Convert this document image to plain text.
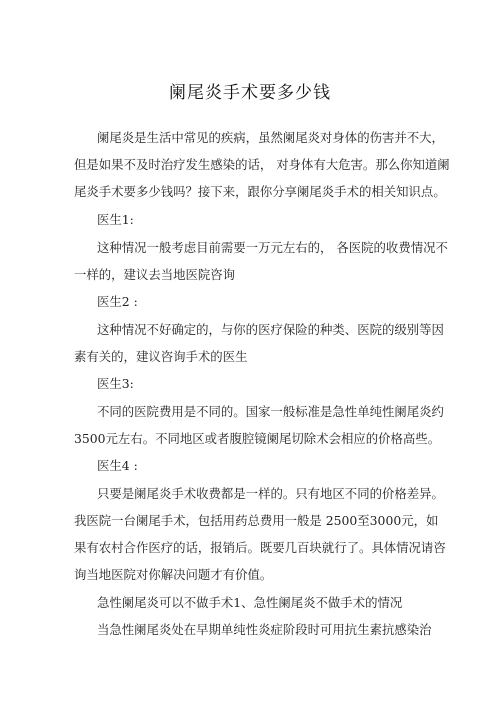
阑尾炎手术要多少钱
阑尾炎是生活中常见的疾病，虽然阑尾炎对身体的伤害并不大，
但是如果不及时治疗发生感染的话， 对身体有大危害。那么你知道阑
尾炎手术要多少钱吗？接下来，跟你分享阑尾炎手术的相关知识点。
医生1:
这种情况一般考虑目前需要一万元左右的， 各医院的收费情况不
一样的，建议去当地医院咨询
医生2 :
这种情况不好确定的，与你的医疗保险的种类、医院的级别等因
素有关的，建议咨询手术的医生
医生3:
不同的医院费用是不同的。国家一般标准是急性单纯性阑尾炎约
3500元左右。不同地区或者腹腔镜阑尾切除术会相应的价格高些。
医生4 :
只要是阑尾炎手术收费都是一样的。只有地区不同的价格差异。
我医院一台阑尾手术，包括用药总费用一般是 2500至3000元，如
果有农村合作医疗的话，报销后。既要几百块就行了。具体情况请咨
询当地医院对你解决问题才有价值。
急性阑尾炎可以不做手术1、急性阑尾炎不做手术的情况
当急性阑尾炎处在早期单纯性炎症阶段时可用抗生素抗感染治
